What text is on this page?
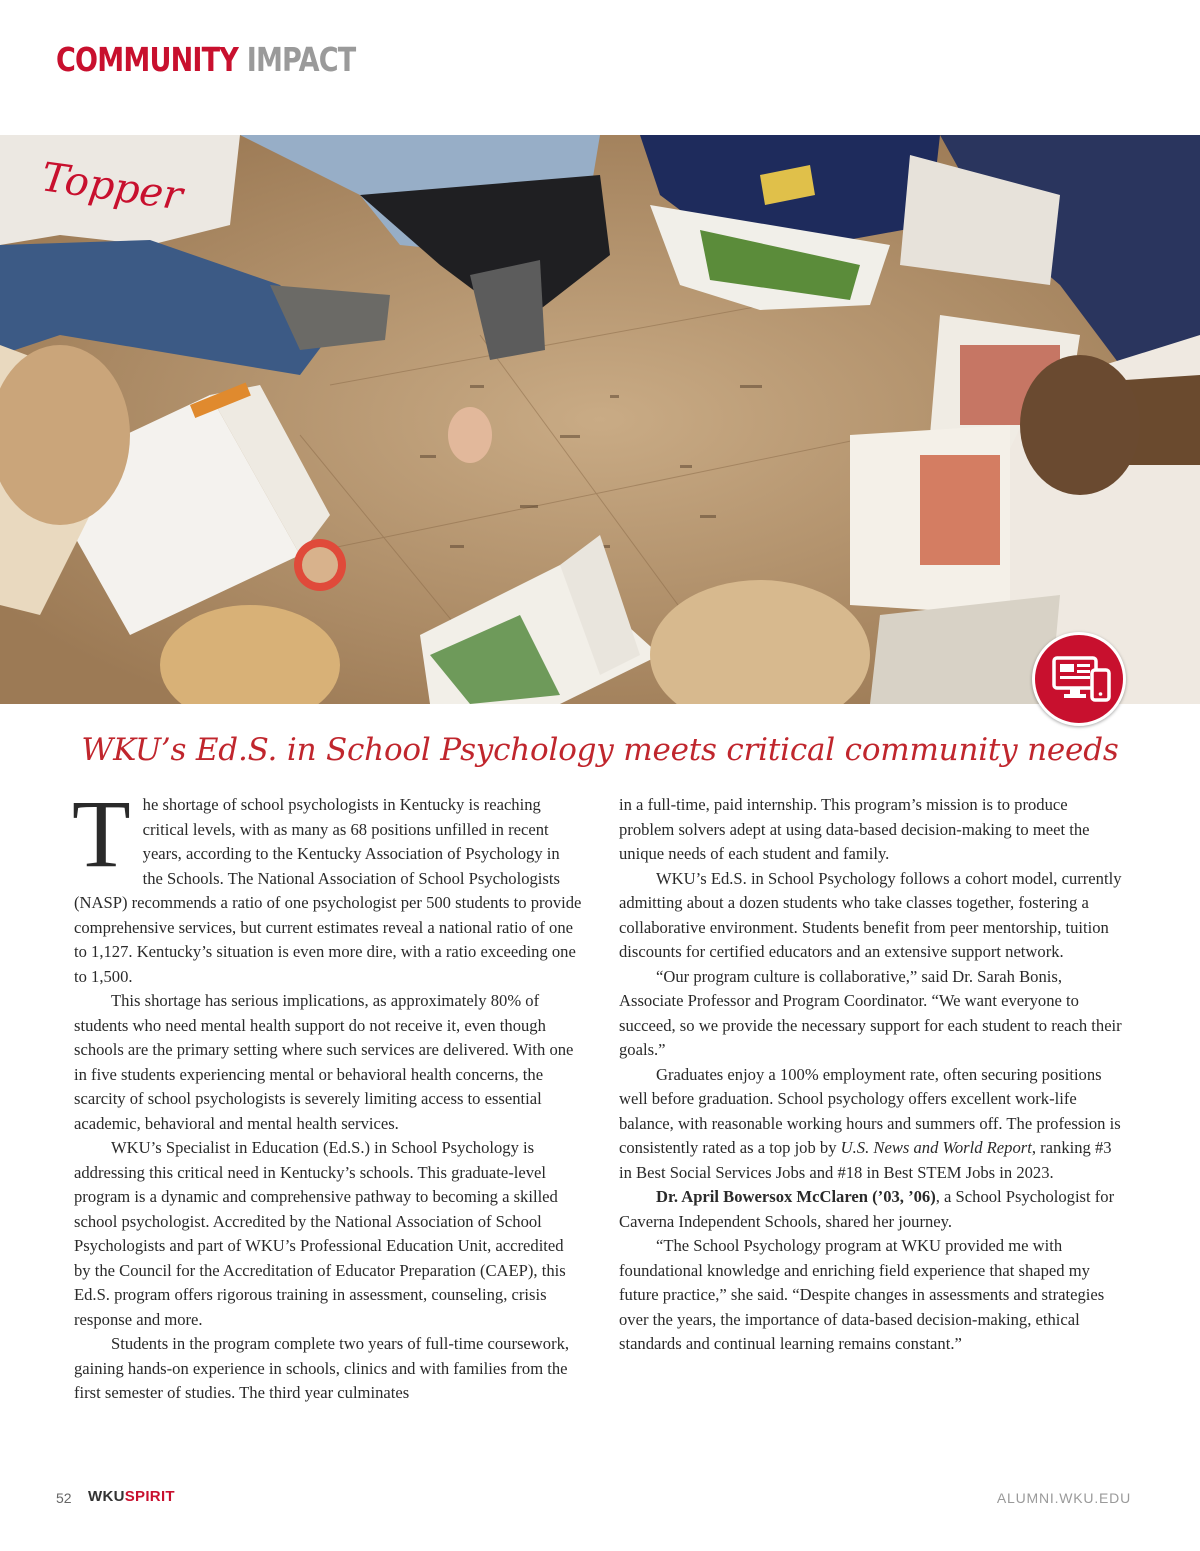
COMMUNITY IMPACT
Topper
WKU’s Ed.S. in School Psychology meets critical community needs

The shortage of school psychologists in Kentucky is reaching critical levels, with as many as 68 positions unfilled in recent years, according to the Kentucky Association of Psychology in the Schools. The National Association of School Psychologists (NASP) recommends a ratio of one psychologist per 500 students to provide comprehensive services, but current estimates reveal a national ratio of one to 1,127. Kentucky’s situation is even more dire, with a ratio exceeding one to 1,500.

This shortage has serious implications, as approximately 80% of students who need mental health support do not receive it, even though schools are the primary setting where such services are delivered. With one in five students experiencing mental or behavioral health concerns, the scarcity of school psychologists is severely limiting access to essential academic, behavioral and mental health services.

WKU’s Specialist in Education (Ed.S.) in School Psychology is addressing this critical need in Kentucky’s schools. This graduate-level program is a dynamic and comprehensive pathway to becoming a skilled school psychologist. Accredited by the National Association of School Psychologists and part of WKU’s Professional Education Unit, accredited by the Council for the Accreditation of Educator Preparation (CAEP), this Ed.S. program offers rigorous training in assessment, counseling, crisis response and more.

Students in the program complete two years of full-time coursework, gaining hands-on experience in schools, clinics and with families from the first semester of studies. The third year culminates

in a full-time, paid internship. This program’s mission is to produce problem solvers adept at using data-based decision-making to meet the unique needs of each student and family.

WKU’s Ed.S. in School Psychology follows a cohort model, currently admitting about a dozen students who take classes together, fostering a collaborative environment. Students benefit from peer mentorship, tuition discounts for certified educators and an extensive support network.

“Our program culture is collaborative,” said Dr. Sarah Bonis, Associate Professor and Program Coordinator. “We want everyone to succeed, so we provide the necessary support for each student to reach their goals.”

Graduates enjoy a 100% employment rate, often securing positions well before graduation. School psychology offers excellent work-life balance, with reasonable working hours and summers off. The profession is consistently rated as a top job by U.S. News and World Report, ranking #3 in Best Social Services Jobs and #18 in Best STEM Jobs in 2023.

Dr. April Bowersox McClaren (’03, ’06), a School Psychologist for Caverna Independent Schools, shared her journey.

“The School Psychology program at WKU provided me with foundational knowledge and enriching field experience that shaped my future practice,” she said. “Despite changes in assessments and strategies over the years, the importance of data-based decision-making, ethical standards and continual learning remains constant.”

52 WKUSPIRIT	ALUMNI.WKU.EDU
